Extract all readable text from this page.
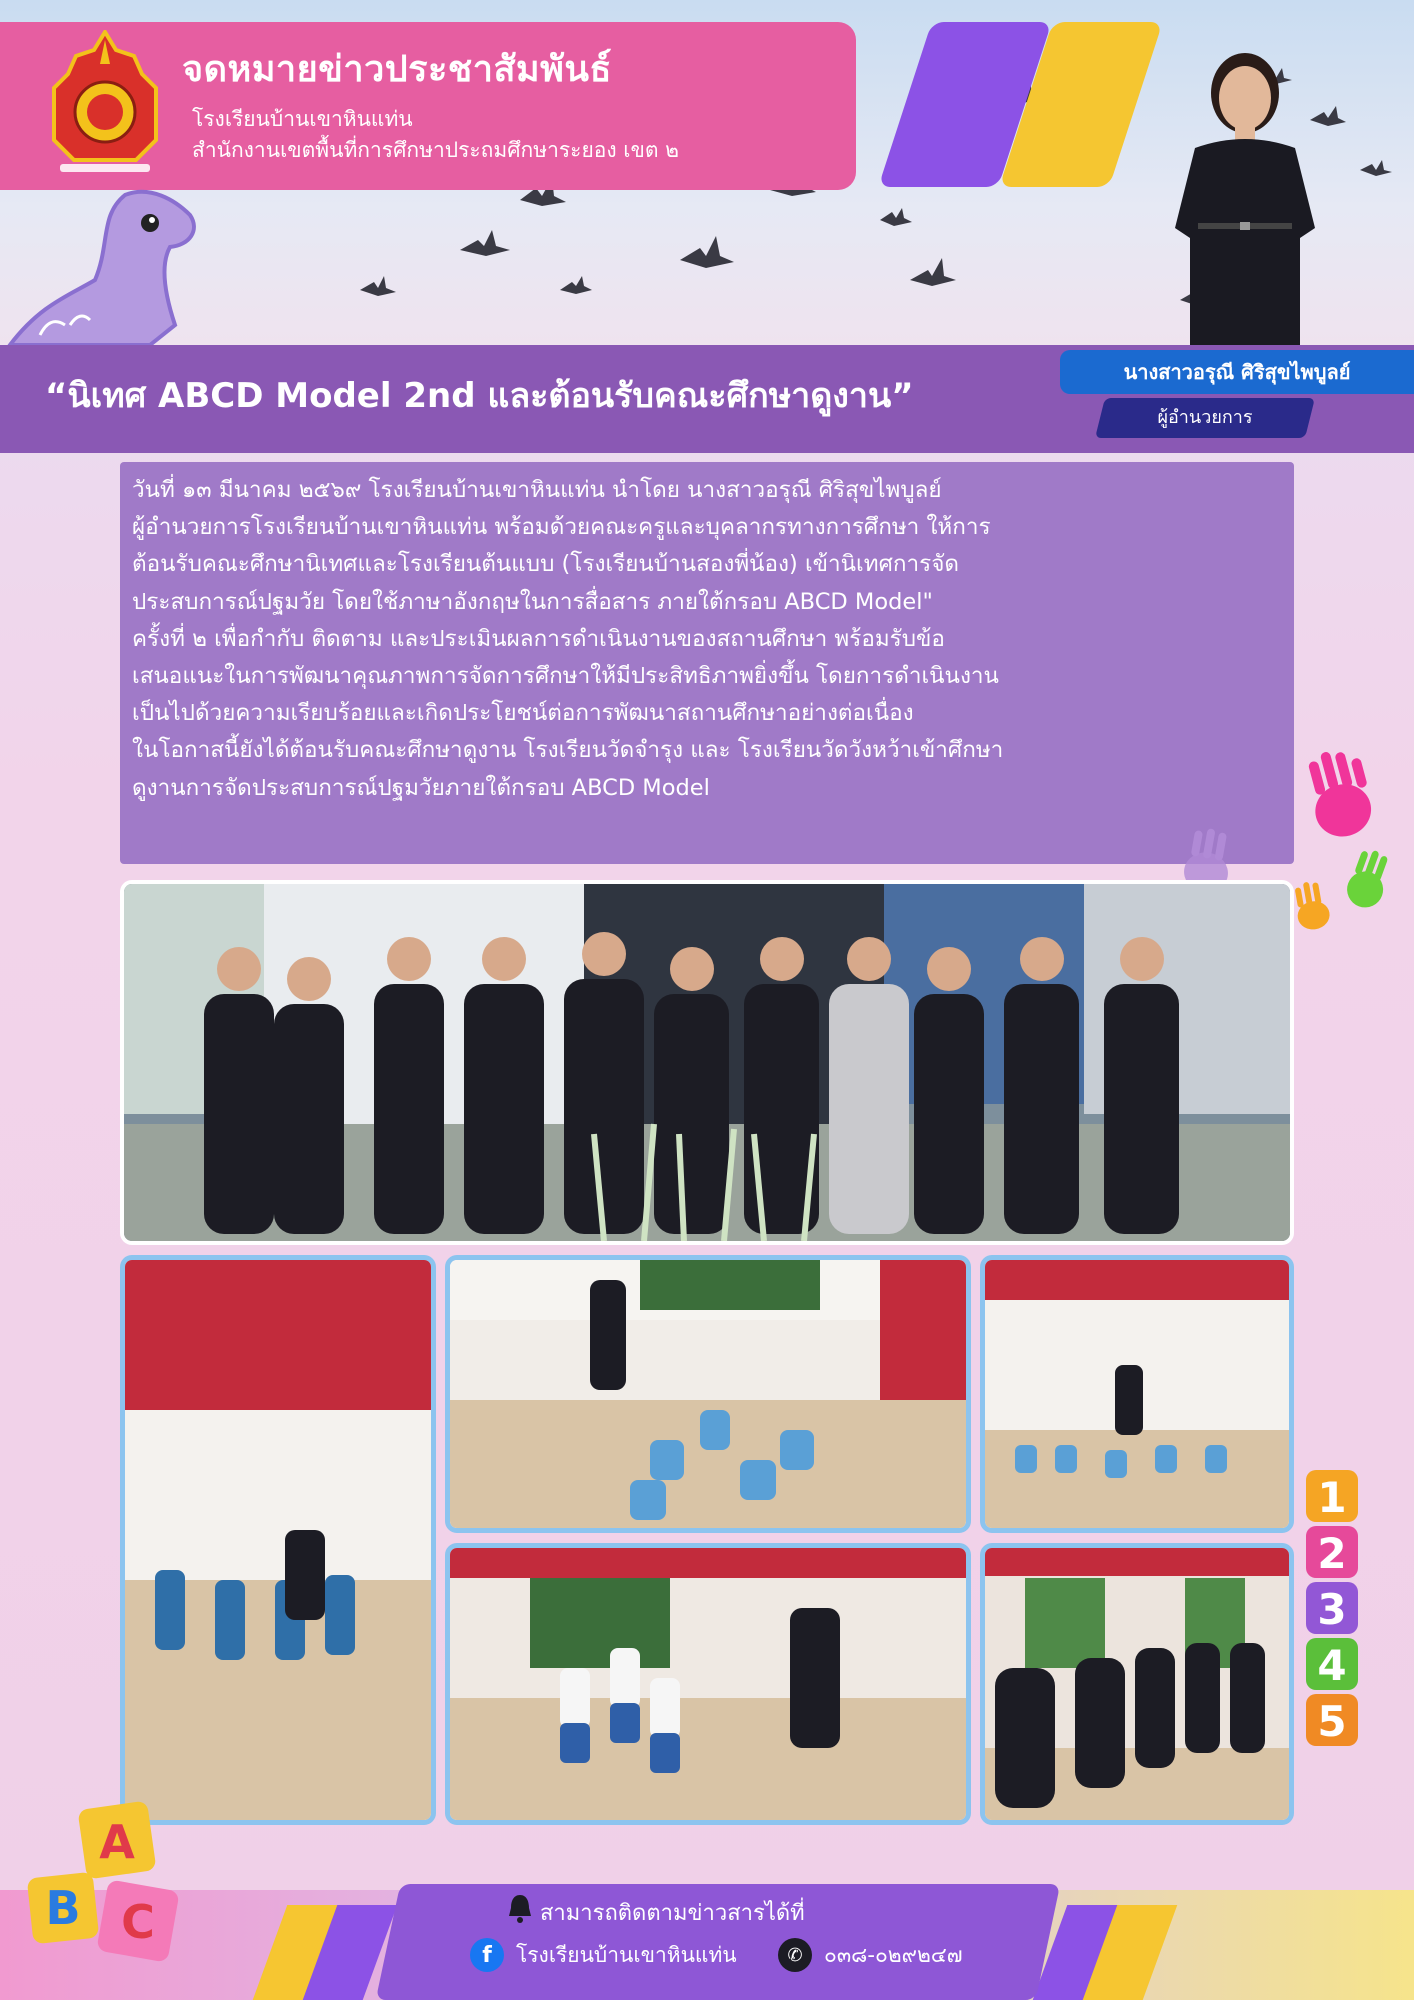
จดหมายข่าวประชาสัมพันธ์
โรงเรียนบ้านเขาหินแท่น
สำนักงานเขตพื้นที่การศึกษาประถมศึกษาระยอง เขต ๒
“นิเทศ ABCD Model 2nd และต้อนรับคณะศึกษาดูงาน”
นางสาวอรุณี ศิริสุขไพบูลย์
ผู้อำนวยการ

วันที่ ๑๓ มีนาคม ๒๕๖๙ โรงเรียนบ้านเขาหินแท่น นำโดย นางสาวอรุณี ศิริสุขไพบูลย์
ผู้อำนวยการโรงเรียนบ้านเขาหินแท่น พร้อมด้วยคณะครูและบุคลากรทางการศึกษา ให้การ
ต้อนรับคณะศึกษานิเทศและโรงเรียนต้นแบบ (โรงเรียนบ้านสองพี่น้อง) เข้านิเทศการจัด
ประสบการณ์ปฐมวัย โดยใช้ภาษาอังกฤษในการสื่อสาร ภายใต้กรอบ ABCD Model"
ครั้งที่ ๒ เพื่อกำกับ ติดตาม และประเมินผลการดำเนินงานของสถานศึกษา พร้อมรับข้อ
เสนอแนะในการพัฒนาคุณภาพการจัดการศึกษาให้มีประสิทธิภาพยิ่งขึ้น โดยการดำเนินงาน
เป็นไปด้วยความเรียบร้อยและเกิดประโยชน์ต่อการพัฒนาสถานศึกษาอย่างต่อเนื่อง
ในโอกาสนี้ยังได้ต้อนรับคณะศึกษาดูงาน โรงเรียนวัดจำรุง และ โรงเรียนวัดวังหว้าเข้าศึกษา
ดูงานการจัดประสบการณ์ปฐมวัยภายใต้กรอบ ABCD Model

1
2
3
4
5
สามารถติดตามข่าวสารได้ที่
f	โรงเรียนบ้านเขาหินแท่น	✆	๐๓๘-๐๒๙๒๔๗
A
B C
